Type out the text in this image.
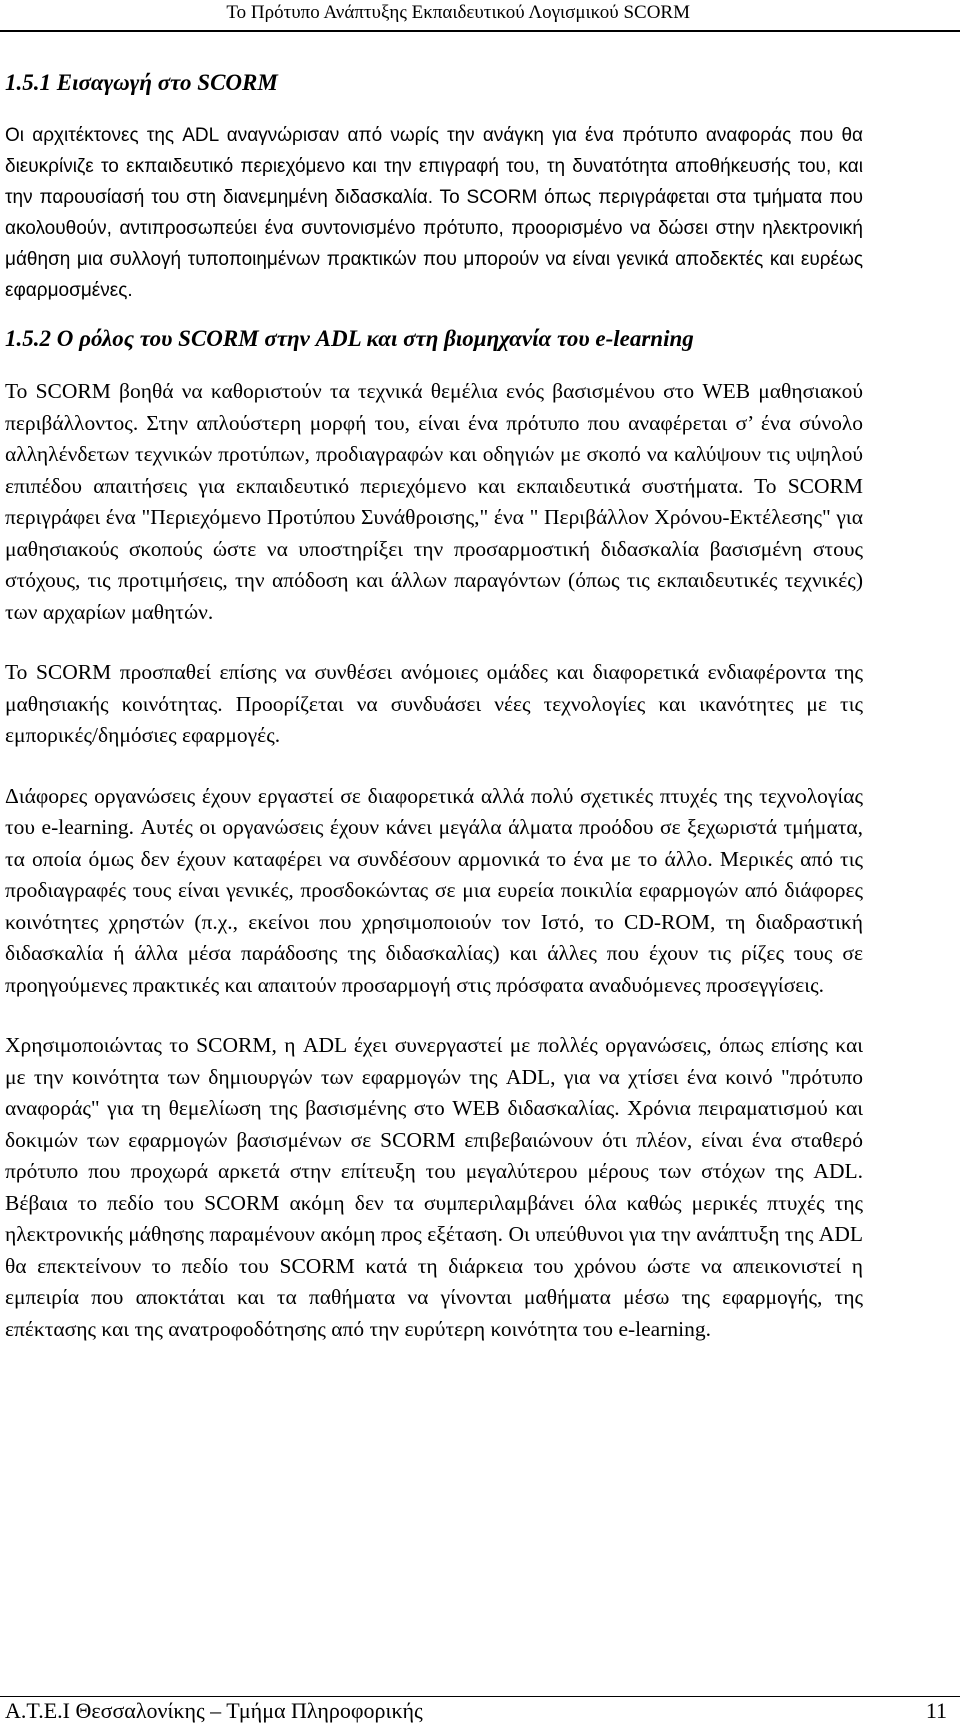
Το Πρότυπο Ανάπτυξης Εκπαιδευτικού Λογισμικού SCORM
1.5.1 Εισαγωγή στο SCORM

Οι αρχιτέκτονες της ADL αναγνώρισαν από νωρίς την ανάγκη για ένα πρότυπο αναφοράς που θα διευκρίνιζε το εκπαιδευτικό περιεχόμενο και την επιγραφή του, τη δυνατότητα αποθήκευσής του, και την παρουσίασή του στη διανεμημένη διδασκαλία. Το SCORM όπως περιγράφεται στα τμήματα που ακολουθούν, αντιπροσωπεύει ένα συντονισμένο πρότυπο, προορισμένο να δώσει στην ηλεκτρονική μάθηση μια συλλογή τυποποιημένων πρακτικών που μπορούν να είναι γενικά αποδεκτές και ευρέως εφαρμοσμένες.

1.5.2 Ο ρόλος του SCORM στην ADL και στη βιομηχανία του e-learning

Το SCORM βοηθά να καθοριστούν τα τεχνικά θεμέλια ενός βασισμένου στο WEB μαθησιακού περιβάλλοντος. Στην απλούστερη μορφή του, είναι ένα πρότυπο που αναφέρεται σ’ ένα σύνολο αλληλένδετων τεχνικών προτύπων, προδιαγραφών και οδηγιών με σκοπό να καλύψουν τις υψηλού επιπέδου απαιτήσεις για εκπαιδευτικό περιεχόμενο και εκπαιδευτικά συστήματα. Το SCORM περιγράφει ένα "Περιεχόμενο Προτύπου Συνάθροισης," ένα " Περιβάλλον Χρόνου-Εκτέλεσης" για μαθησιακούς σκοπούς ώστε να υποστηρίξει την προσαρμοστική διδασκαλία βασισμένη στους στόχους, τις προτιμήσεις, την απόδοση και άλλων παραγόντων (όπως τις εκπαιδευτικές τεχνικές) των αρχαρίων μαθητών.

Το SCORM προσπαθεί επίσης να συνθέσει ανόμοιες ομάδες και διαφορετικά ενδιαφέροντα της μαθησιακής κοινότητας. Προορίζεται να συνδυάσει νέες τεχνολογίες και ικανότητες με τις εμπορικές/δημόσιες εφαρμογές.

Διάφορες οργανώσεις έχουν εργαστεί σε διαφορετικά αλλά πολύ σχετικές πτυχές της τεχνολογίας του e-learning. Αυτές οι οργανώσεις έχουν κάνει μεγάλα άλματα προόδου σε ξεχωριστά τμήματα, τα οποία όμως δεν έχουν καταφέρει να συνδέσουν αρμονικά το ένα με το άλλο. Μερικές από τις προδιαγραφές τους είναι γενικές, προσδοκώντας σε μια ευρεία ποικιλία εφαρμογών από διάφορες κοινότητες χρηστών (π.χ., εκείνοι που χρησιμοποιούν τον Ιστό, το CD-ROM, τη διαδραστική διδασκαλία ή άλλα μέσα παράδοσης της διδασκαλίας) και άλλες που έχουν τις ρίζες τους σε προηγούμενες πρακτικές και απαιτούν προσαρμογή στις πρόσφατα αναδυόμενες προσεγγίσεις.

Χρησιμοποιώντας το SCORM, η ADL έχει συνεργαστεί με πολλές οργανώσεις, όπως επίσης και με την κοινότητα των δημιουργών των εφαρμογών της ADL, για να χτίσει ένα κοινό "πρότυπο αναφοράς" για τη θεμελίωση της βασισμένης στο WEB διδασκαλίας. Χρόνια πειραματισμού και δοκιμών των εφαρμογών βασισμένων σε SCORM επιβεβαιώνουν ότι πλέον, είναι ένα σταθερό πρότυπο που προχωρά αρκετά στην επίτευξη του μεγαλύτερου μέρους των στόχων της ADL. Βέβαια το πεδίο του SCORM ακόμη δεν τα συμπεριλαμβάνει όλα καθώς μερικές πτυχές της ηλεκτρονικής μάθησης παραμένουν ακόμη προς εξέταση. Οι υπεύθυνοι για την ανάπτυξη της ADL θα επεκτείνουν το πεδίο του SCORM κατά τη διάρκεια του χρόνου ώστε να απεικονιστεί η εμπειρία που αποκτάται και τα παθήματα να γίνονται μαθήματα μέσω της εφαρμογής, της επέκτασης και της ανατροφοδότησης από την ευρύτερη κοινότητα του e-learning.

Α.Τ.Ε.Ι Θεσσαλονίκης – Τμήμα Πληροφορικής	11
